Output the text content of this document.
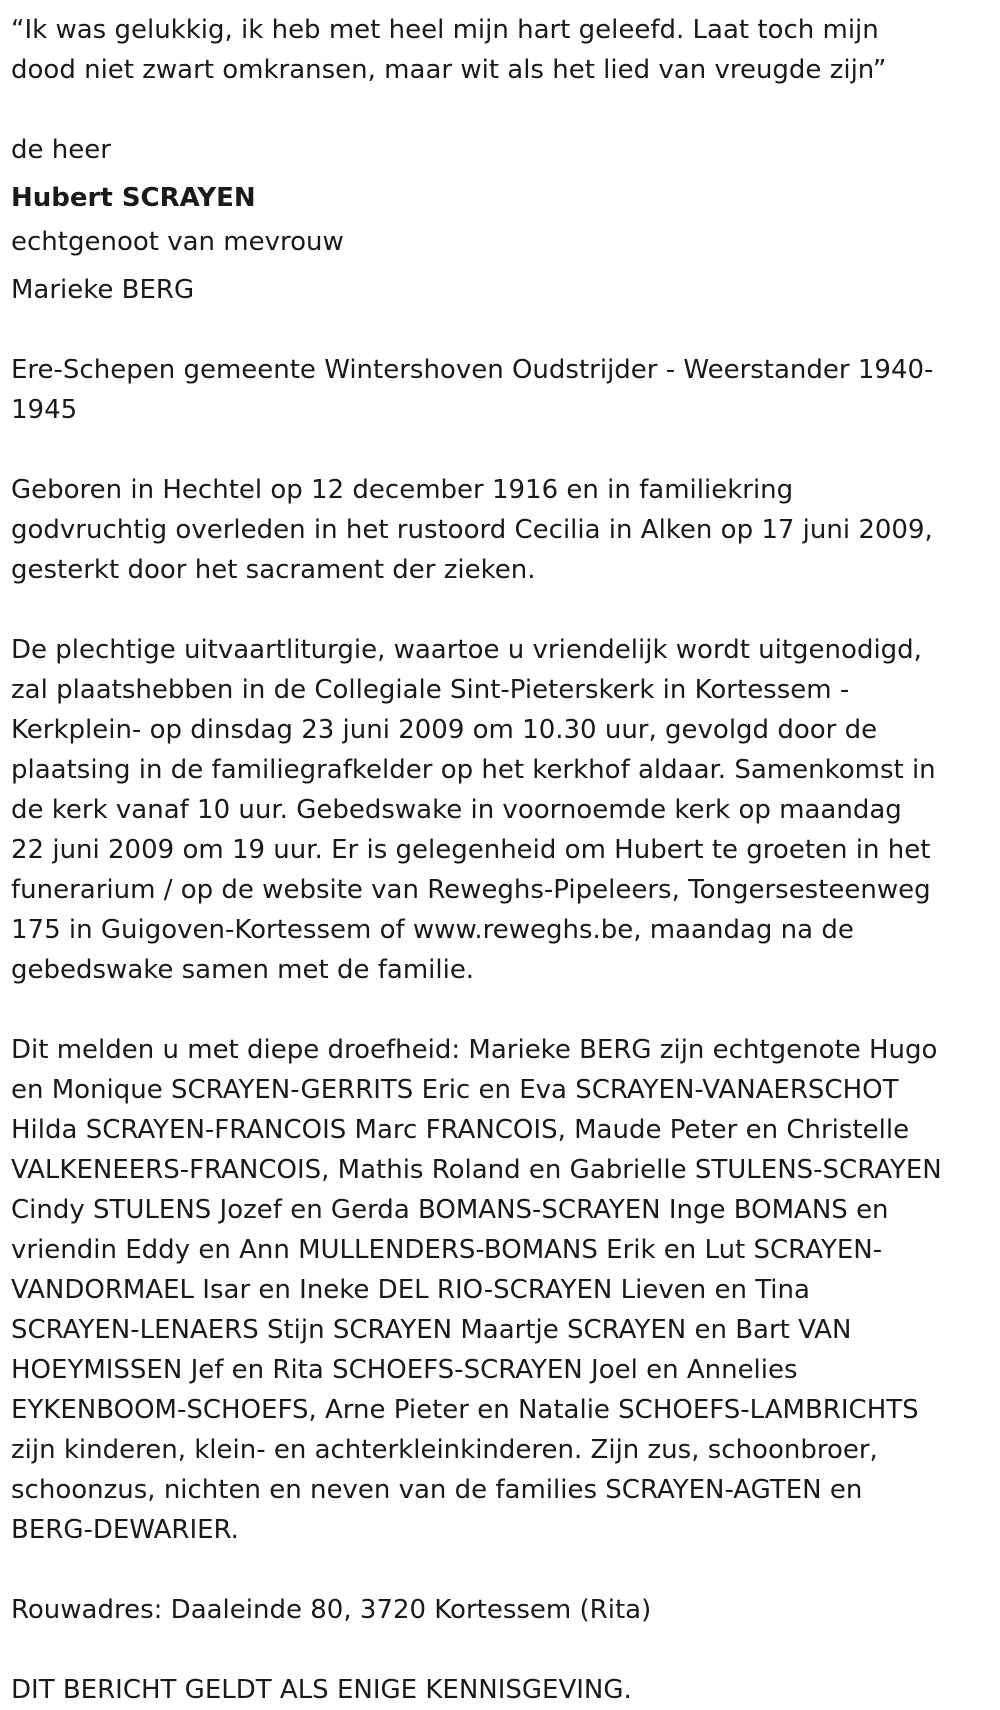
“Ik was gelukkig, ik heb met heel mijn hart geleefd. Laat toch mijn dood niet zwart omkransen, maar wit als het lied van vreugde zijn”

de heer

Hubert SCRAYEN

echtgenoot van mevrouw

Marieke BERG

Ere-Schepen gemeente Wintershoven Oudstrijder - Weerstander 1940-1945

Geboren in Hechtel op 12 december 1916 en in familiekring godvruchtig overleden in het rustoord Cecilia in Alken op 17 juni 2009, gesterkt door het sacrament der zieken.

De plechtige uitvaartliturgie, waartoe u vriendelijk wordt uitgenodigd, zal plaatshebben in de Collegiale Sint-Pieterskerk in Kortessem -Kerkplein- op dinsdag 23 juni 2009 om 10.30 uur, gevolgd door de plaatsing in de familiegrafkelder op het kerkhof aldaar. Samenkomst in de kerk vanaf 10 uur. Gebedswake in voornoemde kerk op maandag 22 juni 2009 om 19 uur. Er is gelegenheid om Hubert te groeten in het funerarium / op de website van Reweghs-Pipeleers, Tongersesteenweg 175 in Guigoven-Kortessem of www.reweghs.be, maandag na de gebedswake samen met de familie.

Dit melden u met diepe droefheid: Marieke BERG zijn echtgenote Hugo en Monique SCRAYEN-GERRITS Eric en Eva SCRAYEN-VANAERSCHOT Hilda SCRAYEN-FRANCOIS Marc FRANCOIS, Maude Peter en Christelle VALKENEERS-FRANCOIS, Mathis Roland en Gabrielle STULENS-SCRAYEN Cindy STULENS Jozef en Gerda BOMANS-SCRAYEN Inge BOMANS en vriendin Eddy en Ann MULLENDERS-BOMANS Erik en Lut SCRAYEN-VANDORMAEL Isar en Ineke DEL RIO-SCRAYEN Lieven en Tina SCRAYEN-LENAERS Stijn SCRAYEN Maartje SCRAYEN en Bart VAN HOEYMISSEN Jef en Rita SCHOEFS-SCRAYEN Joel en Annelies EYKENBOOM-SCHOEFS, Arne Pieter en Natalie SCHOEFS-LAMBRICHTS zijn kinderen, klein- en achterkleinkinderen. Zijn zus, schoonbroer, schoonzus, nichten en neven van de families SCRAYEN-AGTEN en BERG-DEWARIER.

Rouwadres: Daaleinde 80, 3720 Kortessem (Rita)

DIT BERICHT GELDT ALS ENIGE KENNISGEVING.
